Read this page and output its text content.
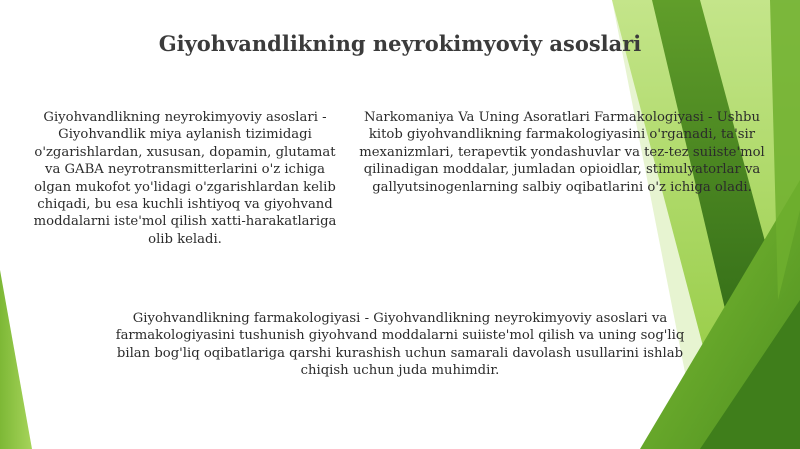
Giyohvandlikning neyrokimyoviy asoslari

Giyohvandlikning neyrokimyoviy asoslari - Giyohvandlik miya aylanish tizimidagi o'zgarishlardan, xususan, dopamin, glutamat va GABA neyrotransmitterlarini o'z ichiga olgan mukofot yo'lidagi o'zgarishlardan kelib chiqadi, bu esa kuchli ishtiyoq va giyohvand moddalarni iste'mol qilish xatti-harakatlariga olib keladi.

Narkomaniya Va Uning Asoratlari Farmakologiyasi - Ushbu kitob giyohvandlikning farmakologiyasini o'rganadi, ta'sir mexanizmlari, terapevtik yondashuvlar va tez-tez suiiste'mol qilinadigan moddalar, jumladan opioidlar, stimulyatorlar va gallyutsinogenlarning salbiy oqibatlarini o'z ichiga oladi.

Giyohvandlikning farmakologiyasi - Giyohvandlikning neyrokimyoviy asoslari va farmakologiyasini tushunish giyohvand moddalarni suiiste'mol qilish va uning sog'liq bilan bog'liq oqibatlariga qarshi kurashish uchun samarali davolash usullarini ishlab chiqish uchun juda muhimdir.
